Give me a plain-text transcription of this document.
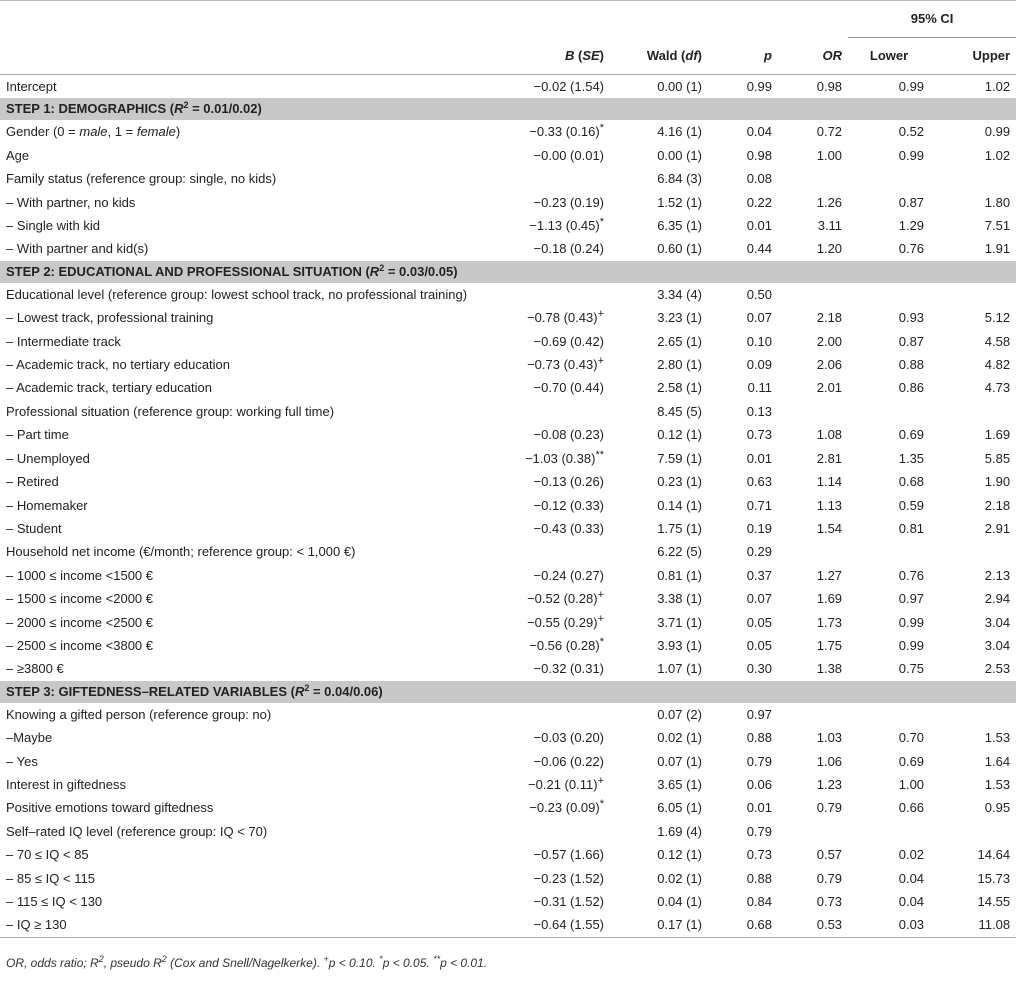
					95% CI	
	B (SE)	Wald (df)	p	OR	Lower	Upper
Intercept	−0.02 (1.54)	0.00 (1)	0.99	0.98	0.99	1.02
STEP 1: DEMOGRAPHICS $(R^2 = 0.01/0.02)$						
Gender (0 = male, 1 = female)	−0.33 (0.16)*	4.16 (1)	0.04	0.72	0.52	0.99
Age	−0.00 (0.01)	0.00 (1)	0.98	1.00	0.99	1.02
Family status (reference group: single, no kids)		6.84 (3)	0.08			
– With partner, no kids	−0.23 (0.19)	1.52 (1)	0.22	1.26	0.87	1.80
– Single with kid	−1.13 (0.45)*	6.35 (1)	0.01	3.11	1.29	7.51
– With partner and kid(s)	−0.18 (0.24)	0.60 (1)	0.44	1.20	0.76	1.91
STEP 2: EDUCATIONAL AND PROFESSIONAL SITUATION $(R^2 = 0.03/0.05)$						
Educational level (reference group: lowest school track, no professional training)		3.34 (4)	0.50			
– Lowest track, professional training	−0.78 (0.43)+	3.23 (1)	0.07	2.18	0.93	5.12
– Intermediate track	−0.69 (0.42)	2.65 (1)	0.10	2.00	0.87	4.58
– Academic track, no tertiary education	−0.73 (0.43)+	2.80 (1)	0.09	2.06	0.88	4.82
– Academic track, tertiary education	−0.70 (0.44)	2.58 (1)	0.11	2.01	0.86	4.73
Professional situation (reference group: working full time)		8.45 (5)	0.13			
– Part time	−0.08 (0.23)	0.12 (1)	0.73	1.08	0.69	1.69
– Unemployed	−1.03 (0.38)**	7.59 (1)	0.01	2.81	1.35	5.85
– Retired	−0.13 (0.26)	0.23 (1)	0.63	1.14	0.68	1.90
– Homemaker	−0.12 (0.33)	0.14 (1)	0.71	1.13	0.59	2.18
– Student	−0.43 (0.33)	1.75 (1)	0.19	1.54	0.81	2.91
Household net income (€/month; reference group: < 1,000 €)		6.22 (5)	0.29			
– 1000 ≤ income <1500 €	−0.24 (0.27)	0.81 (1)	0.37	1.27	0.76	2.13
– 1500 ≤ income <2000 €	−0.52 (0.28)+	3.38 (1)	0.07	1.69	0.97	2.94
– 2000 ≤ income <2500 €	−0.55 (0.29)+	3.71 (1)	0.05	1.73	0.99	3.04
– 2500 ≤ income <3800 €	−0.56 (0.28)*	3.93 (1)	0.05	1.75	0.99	3.04
– ≥3800 €	−0.32 (0.31)	1.07 (1)	0.30	1.38	0.75	2.53
STEP 3: GIFTEDNESS–RELATED VARIABLES $(R^2 = 0.04/0.06)$						
Knowing a gifted person (reference group: no)		0.07 (2)	0.97			
–Maybe	−0.03 (0.20)	0.02 (1)	0.88	1.03	0.70	1.53
– Yes	−0.06 (0.22)	0.07 (1)	0.79	1.06	0.69	1.64
Interest in giftedness	−0.21 (0.11)+	3.65 (1)	0.06	1.23	1.00	1.53
Positive emotions toward giftedness	−0.23 (0.09)*	6.05 (1)	0.01	0.79	0.66	0.95
Self–rated IQ level (reference group: IQ < 70)		1.69 (4)	0.79			
– 70 ≤ IQ < 85	−0.57 (1.66)	0.12 (1)	0.73	0.57	0.02	14.64
– 85 ≤ IQ < 115	−0.23 (1.52)	0.02 (1)	0.88	0.79	0.04	15.73
– 115 ≤ IQ < 130	−0.31 (1.52)	0.04 (1)	0.84	0.73	0.04	14.55
– IQ ≥ 130	−0.64 (1.55)	0.17 (1)	0.68	0.53	0.03	11.08
OR, odds ratio; $R^2$, pseudo $R^2$ (Cox and Snell/Nagelkerke). +p < 0.10. *p < 0.05. **p < 0.01.
